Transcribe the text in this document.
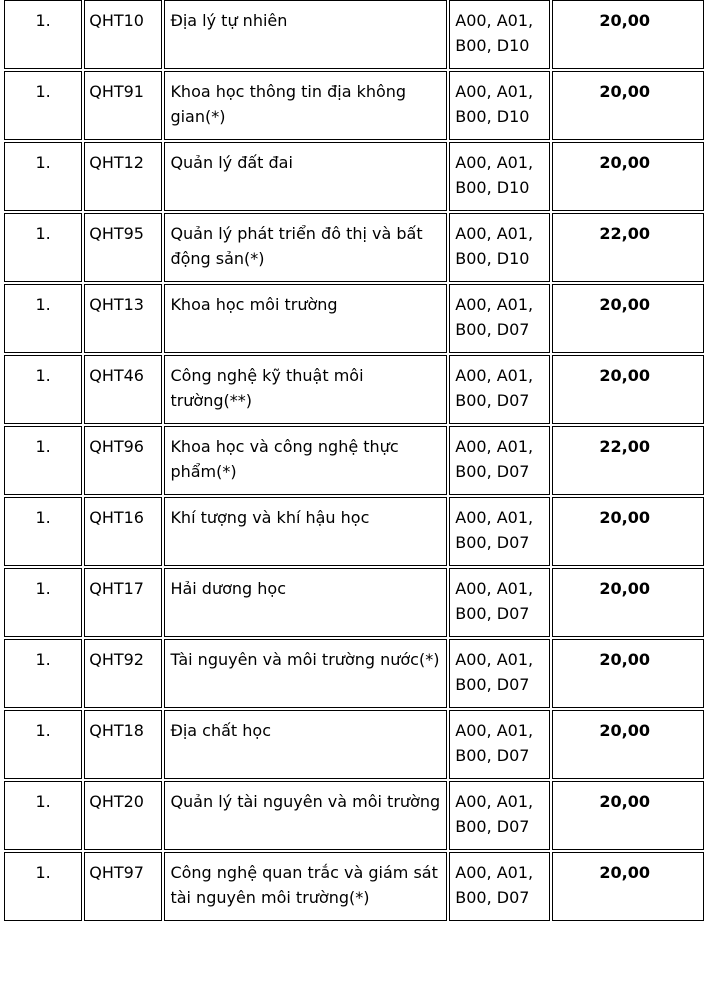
1.	QHT10	Địa lý tự nhiên	A00, A01, B00, D10	20,00

1.	QHT91	Khoa học thông tin địa không gian(*)	A00, A01, B00, D10	20,00

1.	QHT12	Quản lý đất đai	A00, A01, B00, D10	20,00

1.	QHT95	Quản lý phát triển đô thị và bất động sản(*)	A00, A01, B00, D10	22,00

1.	QHT13	Khoa học môi trường	A00, A01, B00, D07	20,00

1.	QHT46	Công nghệ kỹ thuật môi trường(**)	A00, A01, B00, D07	20,00

1.	QHT96	Khoa học và công nghệ thực phẩm(*)	A00, A01, B00, D07	22,00

1.	QHT16	Khí tượng và khí hậu học	A00, A01, B00, D07	20,00

1.	QHT17	Hải dương học	A00, A01, B00, D07	20,00

1.	QHT92	Tài nguyên và môi trường nước(*)	A00, A01, B00, D07	20,00

1.	QHT18	Địa chất học	A00, A01, B00, D07	20,00

1.	QHT20	Quản lý tài nguyên và môi trường	A00, A01, B00, D07	20,00

1.	QHT97	Công nghệ quan trắc và giám sát tài nguyên môi trường(*)	A00, A01, B00, D07	20,00
